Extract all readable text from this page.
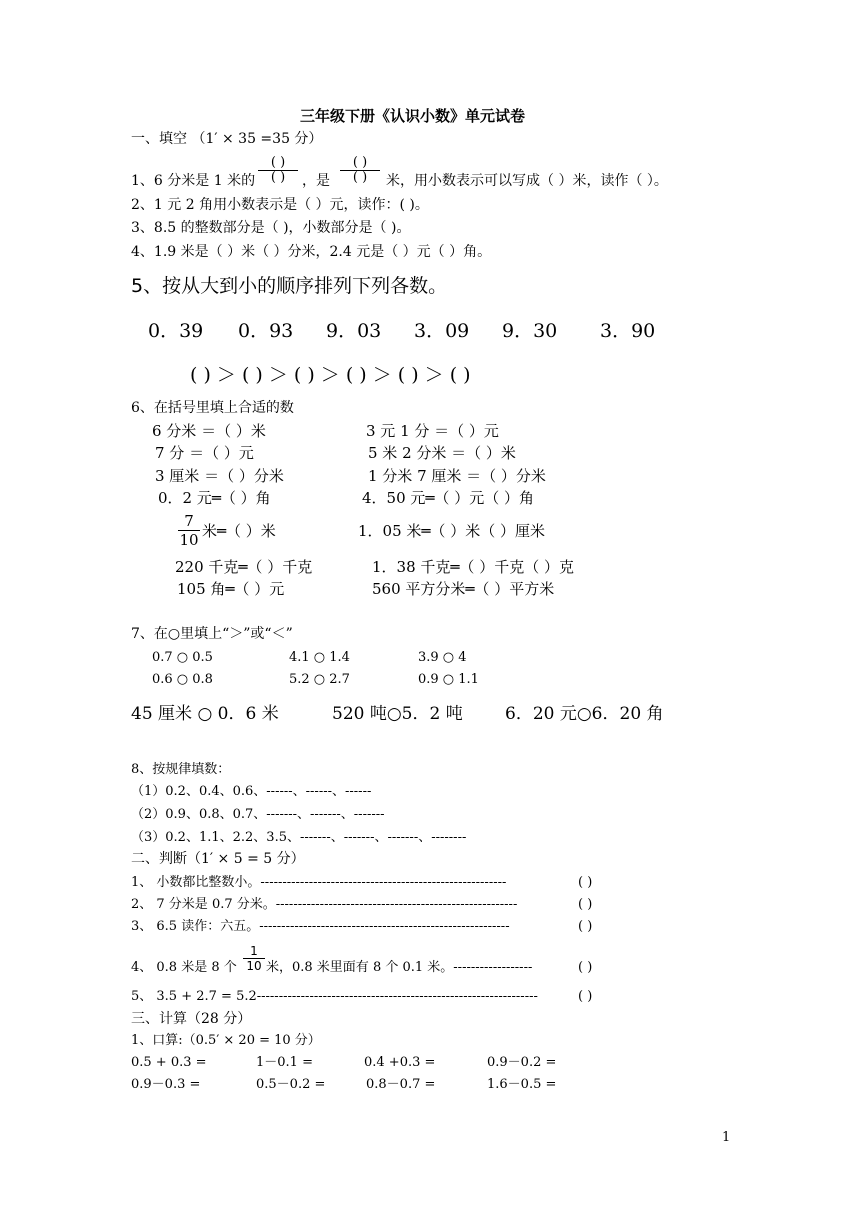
三年级下册《认识小数》单元试卷
一、填空 （1′ × 35 =35 分）
1、6 分米是 1 米的
( )
( )	，是
( )
( )	米，用小数表示可以写成（ ）米，读作（ ）。
2、1 元 2 角用小数表示是（ ）元，读作：( )。
3、8.5 的整数部分是（ )，小数部分是（ )。
4、1.9 米是（ ）米（ ）分米，2.4 元是（ ）元（ ）角。
5、按从大到小的顺序排列下列各数。
0．39 0．93 9．03 3．09 9．30 3．90
( ) ＞ ( ) ＞ ( ) ＞ ( ) ＞ ( ) ＞ ( )
6、在括号里填上合适的数
6 分米 ＝（ ）米	3 元 1 分 ＝（ ）元
7 分 ＝（ ）元	5 米 2 分米 ＝（ ）米
3 厘米 ＝（ ）分米	1 分米 7 厘米 ＝（ ）分米
0．2 元═（ ）角	4．50 元═（ ）元（ ）角
$\frac{7}{10}$ 米═（ ）米	1．05 米═（ ）米（ ）厘米
220 千克═（ ）千克	1．38 千克═（ ）千克（ ）克
105 角═（ ）元	560 平方分米═（ ）平方米
7、在○里填上“＞”或“＜”
0.7 ○ 0.5	4.1 ○ 1.4	3.9 ○ 4
0.6 ○ 0.8	5.2 ○ 2.7	0.9 ○ 1.1
45 厘米 ○ 0．6 米	520 吨○5．2 吨 6．20 元○6．20 角
8、按规律填数：
（1）0.2、0.4、0.6、------、------、------
（2）0.9、0.8、0.7、-------、-------、-------
（3）0.2、1.1、2.2、3.5、-------、-------、-------、--------
二、判断（1′ × 5 = 5 分）
1、 小数都比整数小。--------------------------------------------------------	( )
2、 7 分米是 0.7 分米。-------------------------------------------------------	( )
3、 6.5 读作：六五。---------------------------------------------------------	( )
4、 0.8 米是 8 个 $\frac{1}{10}$ 米，0.8 米里面有 8 个 0.1 米。------------------	( )
5、 3.5 + 2.7 = 5.2----------------------------------------------------------------	( )
三、计算（28 分）
1、口算:（0.5′ × 20 = 10 分）
0.5 + 0.3 =	1－0.1 =	0.4 +0.3 =	0.9－0.2 =
0.9－0.3 =	0.5－0.2 =	0.8－0.7 =	1.6－0.5 =
1
